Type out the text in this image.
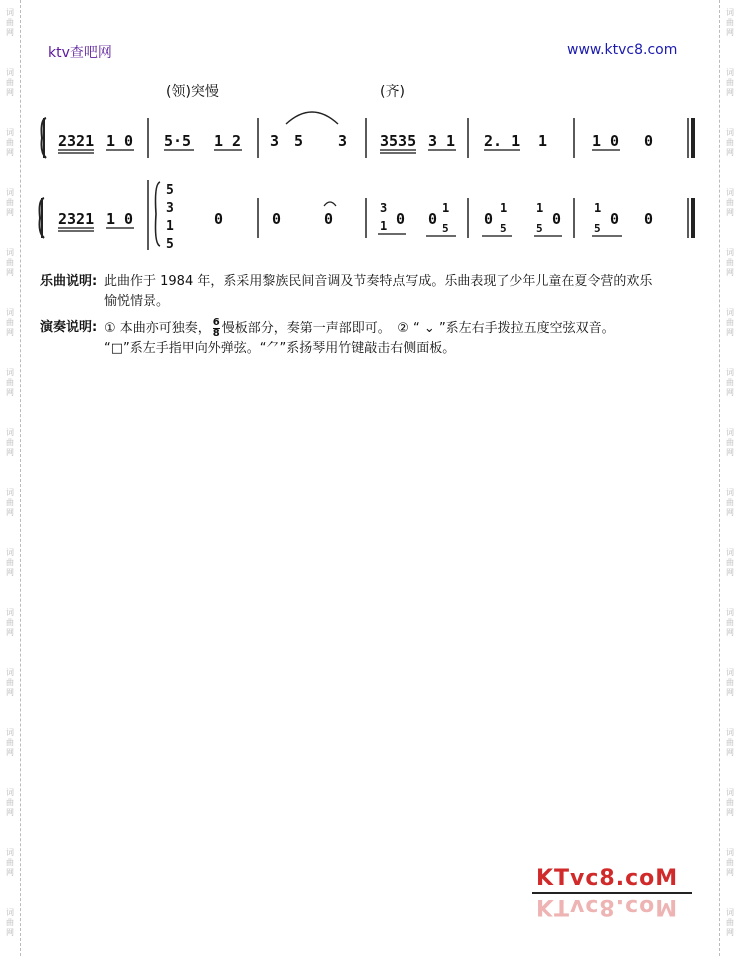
词
曲
网
词
曲
网
词
曲
网
词
曲
网
词
曲
网
词
曲
网
词
曲
网
词
曲
网
词
曲
网
词
曲
网
词
曲
网
词
曲
网
词
曲
网
词
曲
网
词
曲
网
词
曲
网
词
曲
网
词
曲
网
词
曲
网
词
曲
网
词
曲
网
词
曲
网
词
曲
网
词
曲
网
词
曲
网
词
曲
网
词
曲
网
词
曲
网
词
曲
网
词
曲
网
词
曲
网
词
曲
网
ktv查吧网	www.ktvc8.com
(领)突慢	(齐)
2321 1 0 5·5 1 2 3 5 3 3535 3 1 2. 1 1	1 0 0
2321 1 0
5
3
1
5
0	0	0
3
1 0 0
1
5
0
1
5
1
5
0
1
5
0 0
乐曲说明: 此曲作于 1984 年，系采用黎族民间音调及节奏特点写成。乐曲表现了少年儿童在夏令营的欢乐
愉悦情景。
演奏说明: ① 本曲亦可独奏， $\frac{6}{8}$ 慢板部分，奏第一声部即可。　② “ ⌄ ”系左右手拨拉五度空弦双音。
“□”系左手指甲向外弹弦。“⺈”系扬琴用竹键敲击右侧面板。
KTvc8.coM
KTvc8.coM
